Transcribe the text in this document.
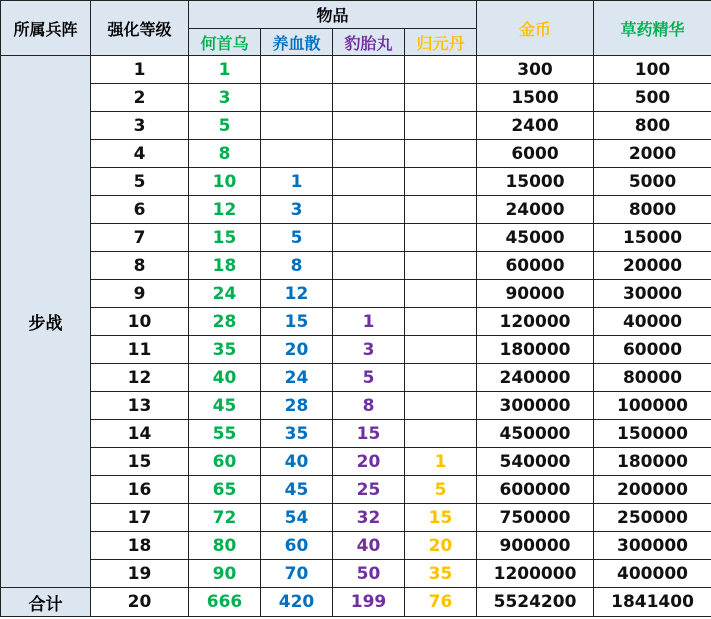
所属兵阵	强化等级	物品				金币	草药精华
		何首乌	养血散	豹胎丸	归元丹		
步战	1	1				300	100
	2	3				1500	500
	3	5				2400	800
	4	8				6000	2000
	5	10	1			15000	5000
	6	12	3			24000	8000
	7	15	5			45000	15000
	8	18	8			60000	20000
	9	24	12			90000	30000
	10	28	15	1		120000	40000
	11	35	20	3		180000	60000
	12	40	24	5		240000	80000
	13	45	28	8		300000	100000
	14	55	35	15		450000	150000
	15	60	40	20	1	540000	180000
	16	65	45	25	5	600000	200000
	17	72	54	32	15	750000	250000
	18	80	60	40	20	900000	300000
	19	90	70	50	35	1200000	400000
合计	20	666	420	199	76	5524200	1841400
